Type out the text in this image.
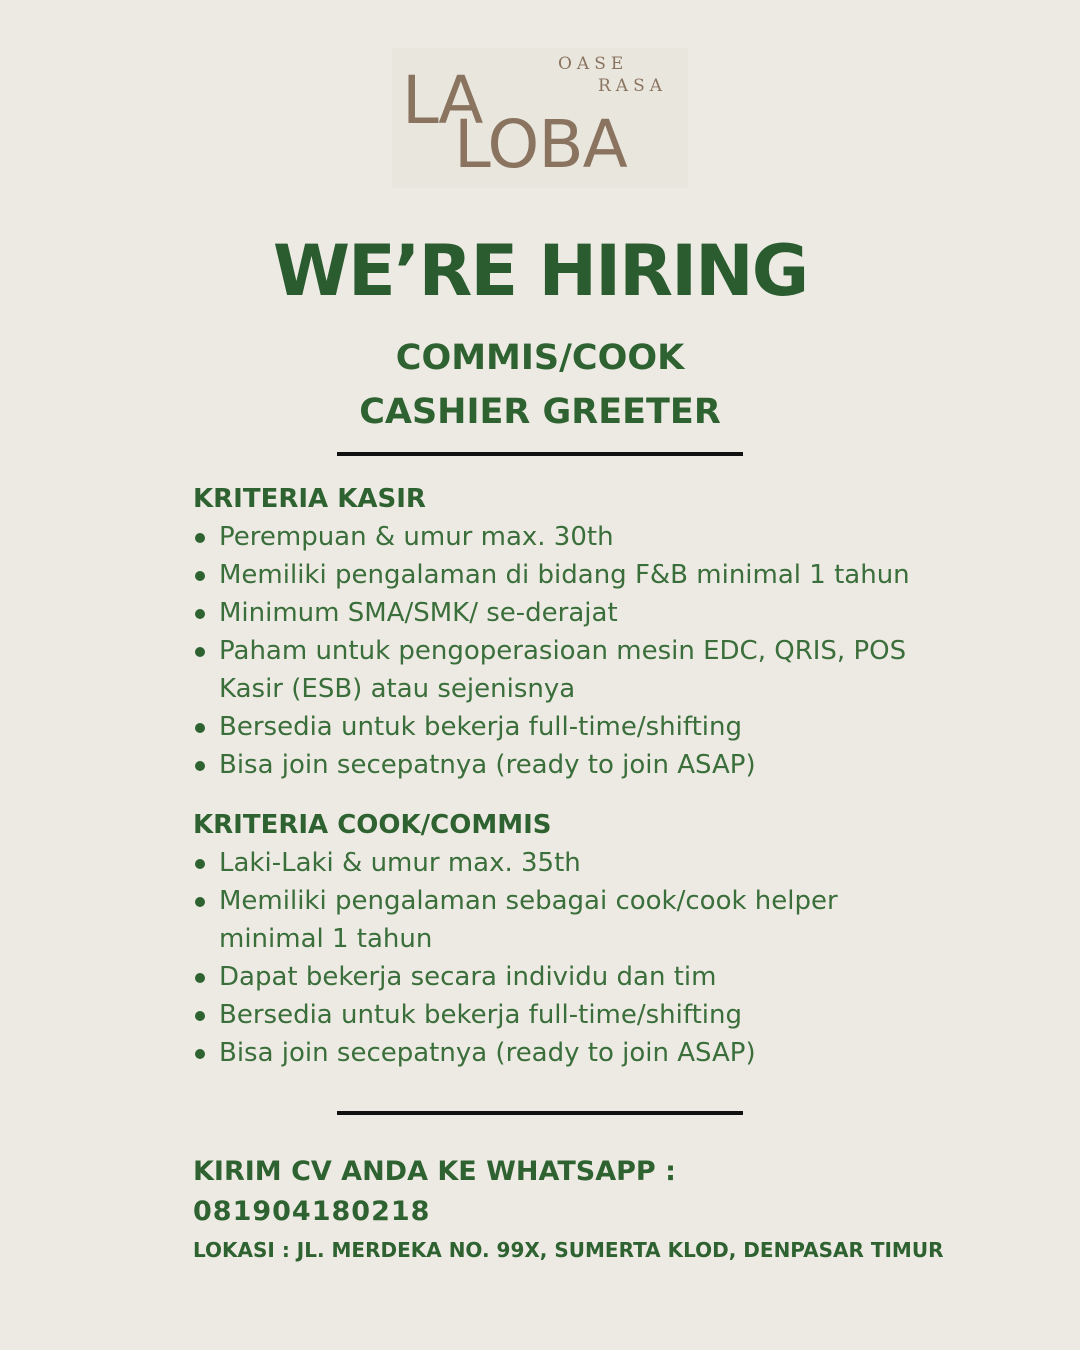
OASE
RASA
LA
LOBA
WE’RE HIRING
COMMIS/COOK
CASHIER GREETER
KRITERIA KASIR
Perempuan & umur max. 30th
Memiliki pengalaman di bidang F&B minimal 1 tahun
Minimum SMA/SMK/ se-derajat
Paham untuk pengoperasioan mesin EDC, QRIS, POS Kasir (ESB) atau sejenisnya
Bersedia untuk bekerja full-time/shifting
Bisa join secepatnya (ready to join ASAP)
KRITERIA COOK/COMMIS
Laki-Laki & umur max. 35th
Memiliki pengalaman sebagai cook/cook helper minimal 1 tahun
Dapat bekerja secara individu dan tim
Bersedia untuk bekerja full-time/shifting
Bisa join secepatnya (ready to join ASAP)
KIRIM CV ANDA KE WHATSAPP :
081904180218
LOKASI : JL. MERDEKA NO. 99X, SUMERTA KLOD, DENPASAR TIMUR
